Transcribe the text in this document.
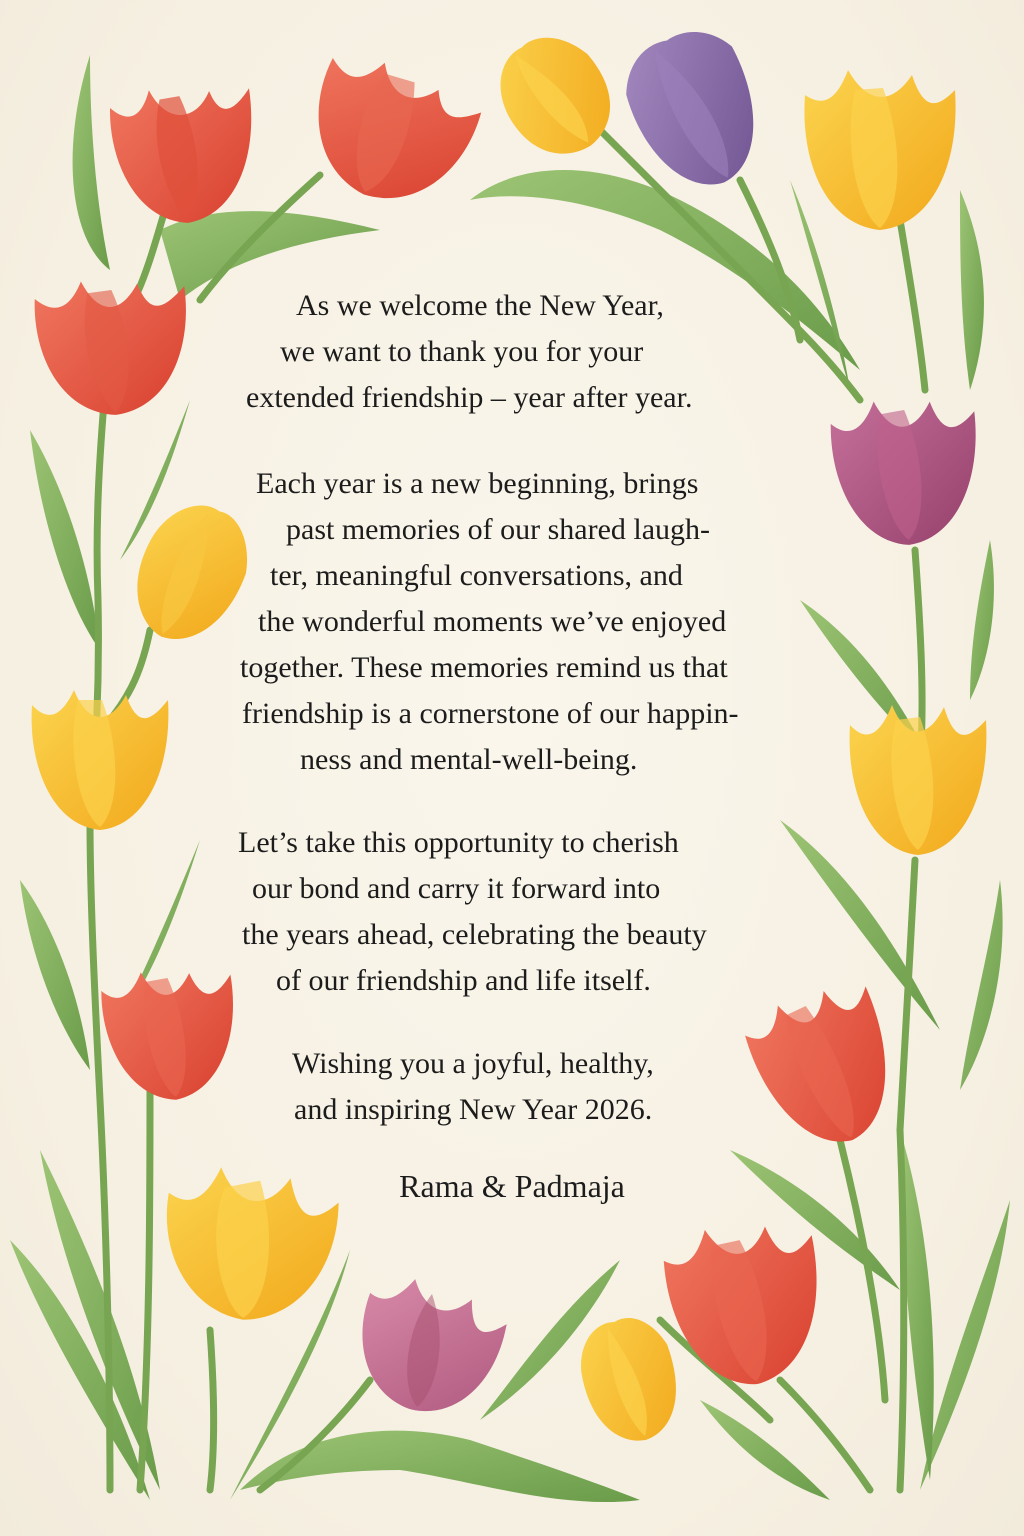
As we welcome the New Year,
we want to thank you for your
extended friendship – year after year.
Each year is a new beginning, brings
past memories of our shared laugh-
ter, meaningful conversations, and
the wonderful moments we’ve enjoyed
together. These memories remind us that
friendship is a cornerstone of our happin-
ness and mental-well-being.
Let’s take this opportunity to cherish
our bond and carry it forward into
the years ahead, celebrating the beauty
of our friendship and life itself.
Wishing you a joyful, healthy,
and inspiring New Year 2026.
Rama & Padmaja
